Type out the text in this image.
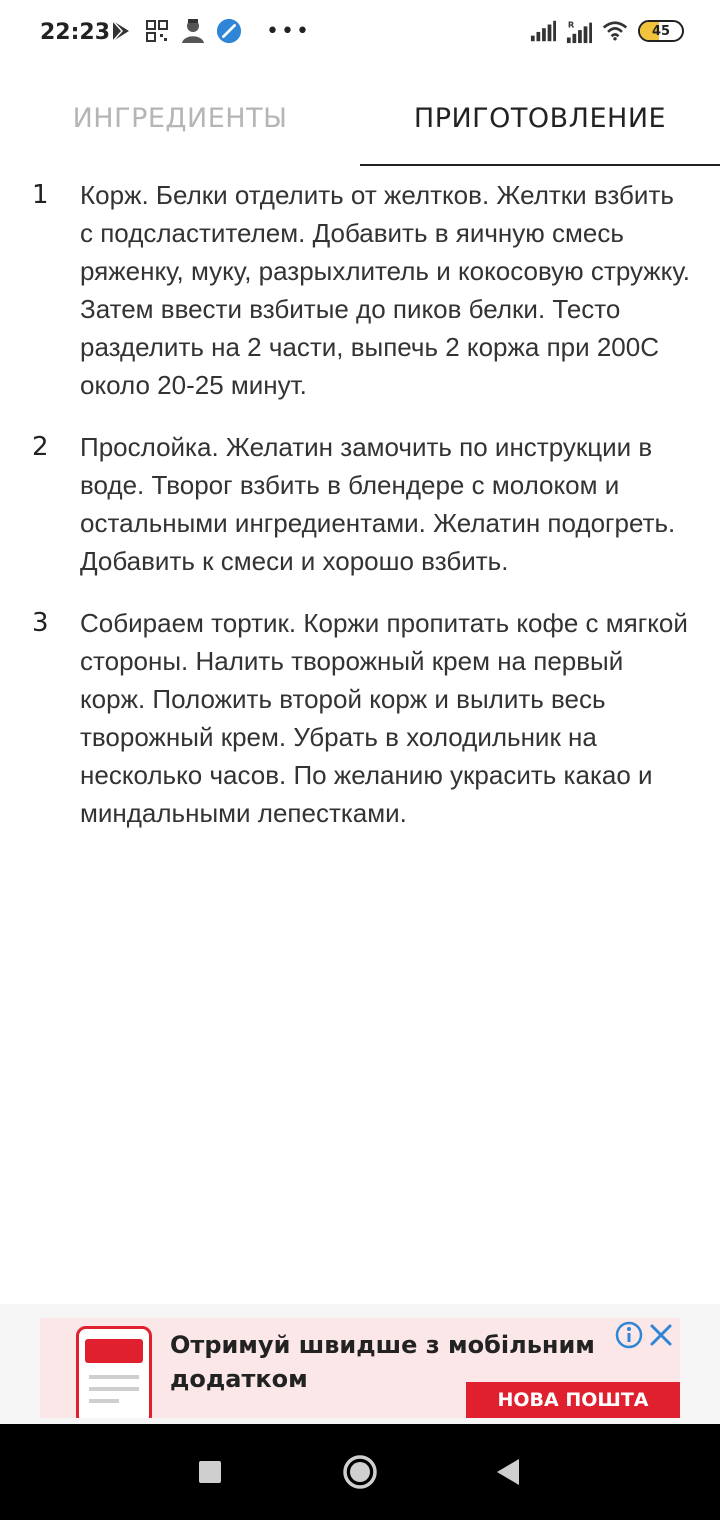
22:23	•••	R	45
ИНГРЕДИЕНТЫ	ПРИГОТОВЛЕНИЕ
1	Корж. Белки отделить от желтков. Желтки взбить с подсластителем. Добавить в яичную смесь ряженку, муку, разрыхлитель и кокосовую стружку. Затем ввести взбитые до пиков белки. Тесто разделить на 2 части, выпечь 2 коржа при 200С около 20-25 минут.
2	Прослойка. Желатин замочить по инструкции в воде. Творог взбить в блендере с молоком и остальными ингредиентами. Желатин подогреть. Добавить к смеси и хорошо взбить.
3	Собираем тортик. Коржи пропитать кофе с мягкой стороны. Налить творожный крем на первый корж. Положить второй корж и вылить весь творожный крем. Убрать в холодильник на несколько часов. По желанию украсить какао и миндальными лепестками.
Отримуй швидше з мобільним
додатком
НОВА ПОШТА
